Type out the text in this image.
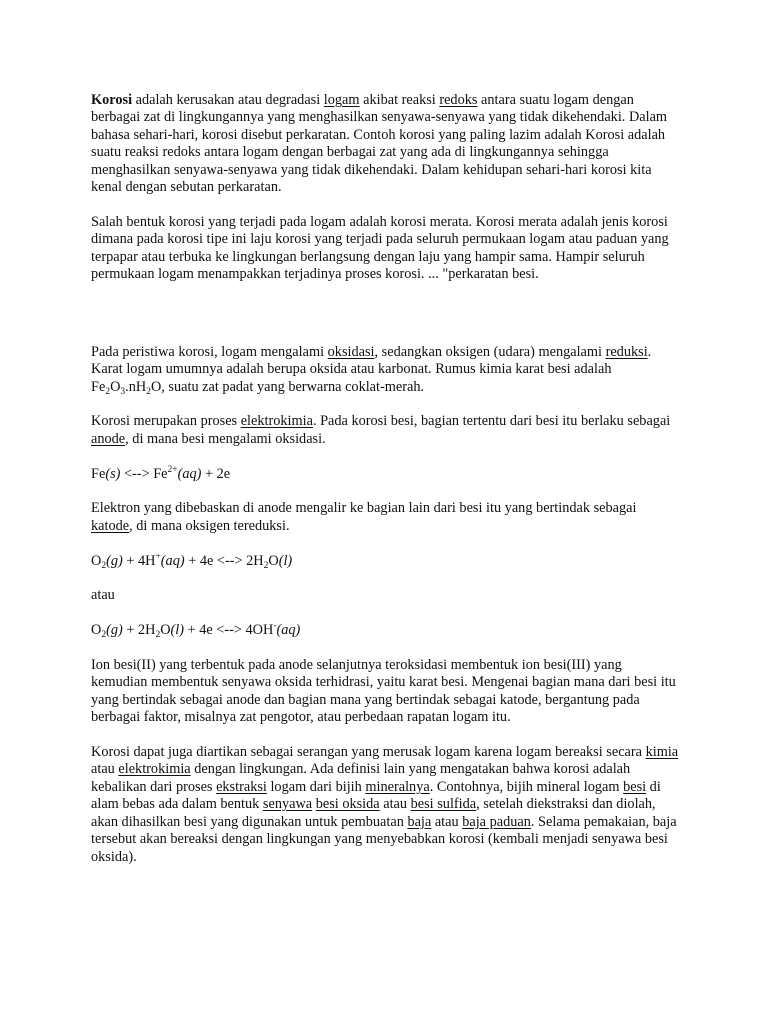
Korosi adalah kerusakan atau degradasi logam akibat reaksi redoks antara suatu logam dengan berbagai zat di lingkungannya yang menghasilkan senyawa-senyawa yang tidak dikehendaki. Dalam bahasa sehari-hari, korosi disebut perkaratan. Contoh korosi yang paling lazim adalah Korosi adalah suatu reaksi redoks antara logam dengan berbagai zat yang ada di lingkungannya sehingga menghasilkan senyawa-senyawa yang tidak dikehendaki. Dalam kehidupan sehari-hari korosi kita kenal dengan sebutan perkaratan.

Salah bentuk korosi yang terjadi pada logam adalah korosi merata. Korosi merata adalah jenis korosi dimana pada korosi tipe ini laju korosi yang terjadi pada seluruh permukaan logam atau paduan yang terpapar atau terbuka ke lingkungan berlangsung dengan laju yang hampir sama. Hampir seluruh permukaan logam menampakkan terjadinya proses korosi. ... "perkaratan besi.

Pada peristiwa korosi, logam mengalami oksidasi, sedangkan oksigen (udara) mengalami reduksi. Karat logam umumnya adalah berupa oksida atau karbonat. Rumus kimia karat besi adalah $Fe_2O_3.nH_2O$, suatu zat padat yang berwarna coklat-merah.

Korosi merupakan proses elektrokimia. Pada korosi besi, bagian tertentu dari besi itu berlaku sebagai anode, di mana besi mengalami oksidasi.

Fe(s) <--> $Fe^{2+}(aq) + 2e$

Elektron yang dibebaskan di anode mengalir ke bagian lain dari besi itu yang bertindak sebagai katode, di mana oksigen tereduksi.

$O_2(g) + 4H^+(aq) + 4e$ <--> $2H_2O(l)$

atau

$O_2(g) + 2H_2O(l) + 4e$ <--> 4OH-(aq)

Ion besi(II) yang terbentuk pada anode selanjutnya teroksidasi membentuk ion besi(III) yang kemudian membentuk senyawa oksida terhidrasi, yaitu karat besi. Mengenai bagian mana dari besi itu yang bertindak sebagai anode dan bagian mana yang bertindak sebagai katode, bergantung pada berbagai faktor, misalnya zat pengotor, atau perbedaan rapatan logam itu.

Korosi dapat juga diartikan sebagai serangan yang merusak logam karena logam bereaksi secara kimia atau elektrokimia dengan lingkungan. Ada definisi lain yang mengatakan bahwa korosi adalah kebalikan dari proses ekstraksi logam dari bijih mineralnya. Contohnya, bijih mineral logam besi di alam bebas ada dalam bentuk senyawa besi oksida atau besi sulfida, setelah diekstraksi dan diolah, akan dihasilkan besi yang digunakan untuk pembuatan baja atau baja paduan. Selama pemakaian, baja tersebut akan bereaksi dengan lingkungan yang menyebabkan korosi (kembali menjadi senyawa besi oksida).
